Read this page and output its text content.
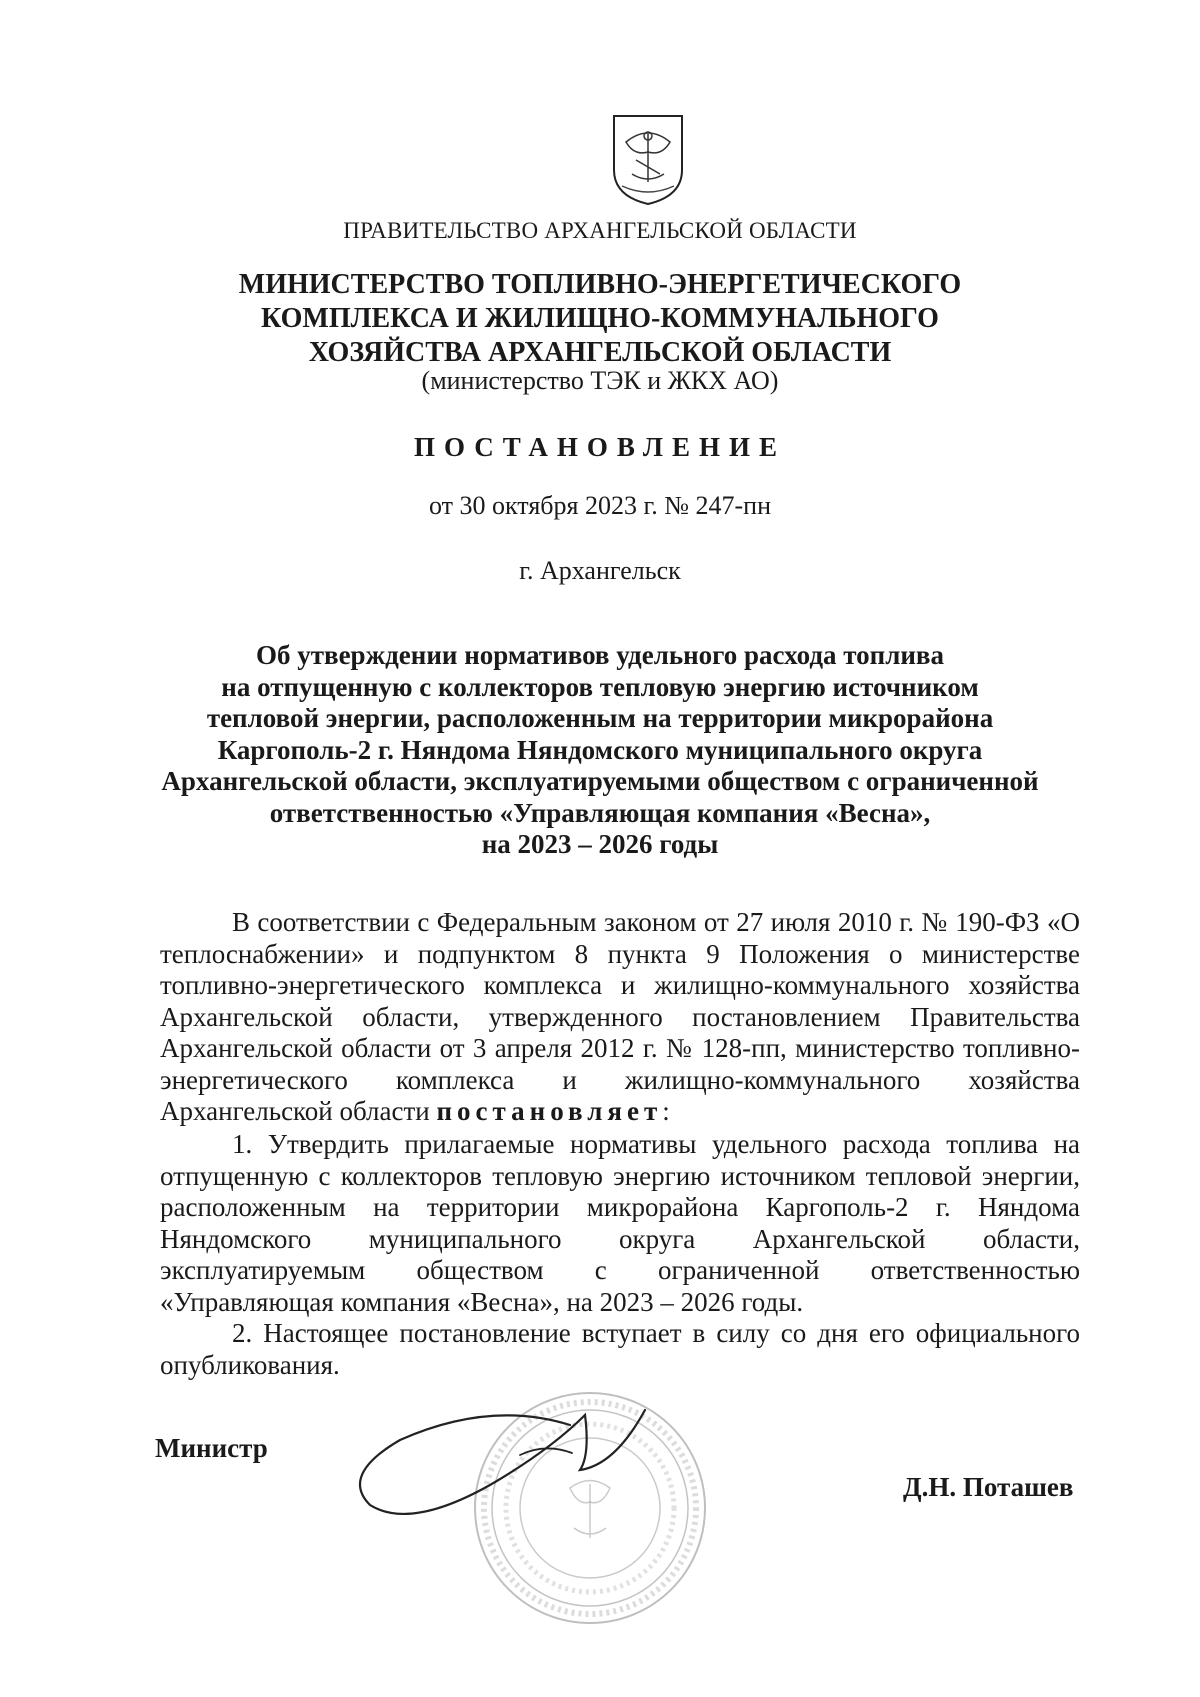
ПРАВИТЕЛЬСТВО АРХАНГЕЛЬСКОЙ ОБЛАСТИ
МИНИСТЕРСТВО ТОПЛИВНО-ЭНЕРГЕТИЧЕСКОГО
КОМПЛЕКСА И ЖИЛИЩНО-КОММУНАЛЬНОГО
ХОЗЯЙСТВА АРХАНГЕЛЬСКОЙ ОБЛАСТИ
(министерство ТЭК и ЖКХ АО)
ПОСТАНОВЛЕНИЕ
от 30 октября 2023 г. № 247-пн
г. Архангельск
Об утверждении нормативов удельного расхода топлива
на отпущенную с коллекторов тепловую энергию источником
тепловой энергии, расположенным на территории микрорайона
Каргополь-2 г. Няндома Няндомского муниципального округа
Архангельской области, эксплуатируемыми обществом с ограниченной
ответственностью «Управляющая компания «Весна»,
на 2023 – 2026 годы
В соответствии с Федеральным законом от 27 июля 2010 г. № 190-ФЗ «О теплоснабжении» и подпунктом 8 пункта 9 Положения о министерстве топливно-энергетического комплекса и жилищно-коммунального хозяйства Архангельской области, утвержденного постановлением Правительства Архангельской области от 3 апреля 2012 г. № 128-пп, министерство топливно-энергетического комплекса и жилищно-коммунального хозяйства Архангельской области постановляет:
1. Утвердить прилагаемые нормативы удельного расхода топлива на отпущенную с коллекторов тепловую энергию источником тепловой энергии, расположенным на территории микрорайона Каргополь-2 г. Няндома Няндомского муниципального округа Архангельской области, эксплуатируемым обществом с ограниченной ответственностью «Управляющая компания «Весна», на 2023 – 2026 годы.
2. Настоящее постановление вступает в силу со дня его официального опубликования.
Министр
Д.Н. Поташев
